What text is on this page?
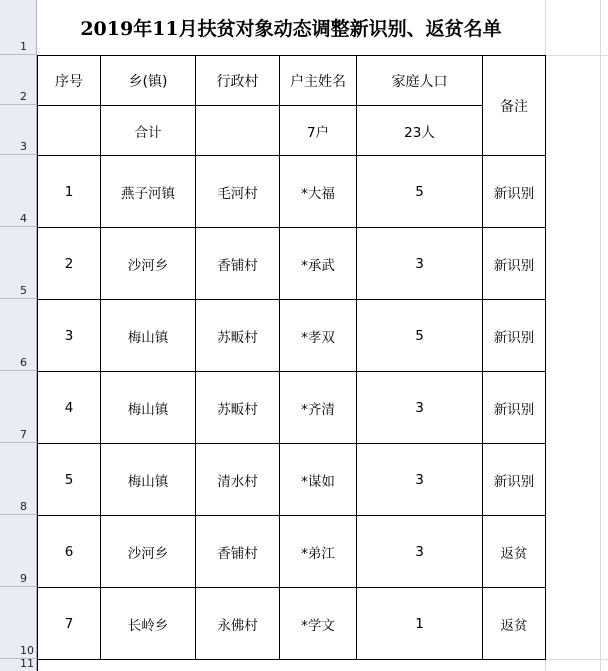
1
2
3
4
5
6
7
8
9
10
11
2019年11月扶贫对象动态调整新识别、返贫名单
序号	乡(镇)	行政村	户主姓名	家庭人口	备注
	合计		7户	23人	
1	燕子河镇	毛河村	*大福	5	新识别
2	沙河乡	香铺村	*承武	3	新识别
3	梅山镇	苏畈村	*孝双	5	新识别
4	梅山镇	苏畈村	*齐清	3	新识别
5	梅山镇	清水村	*谋如	3	新识别
6	沙河乡	香铺村	*弟江	3	返贫
7	长岭乡	永佛村	*学文	1	返贫
